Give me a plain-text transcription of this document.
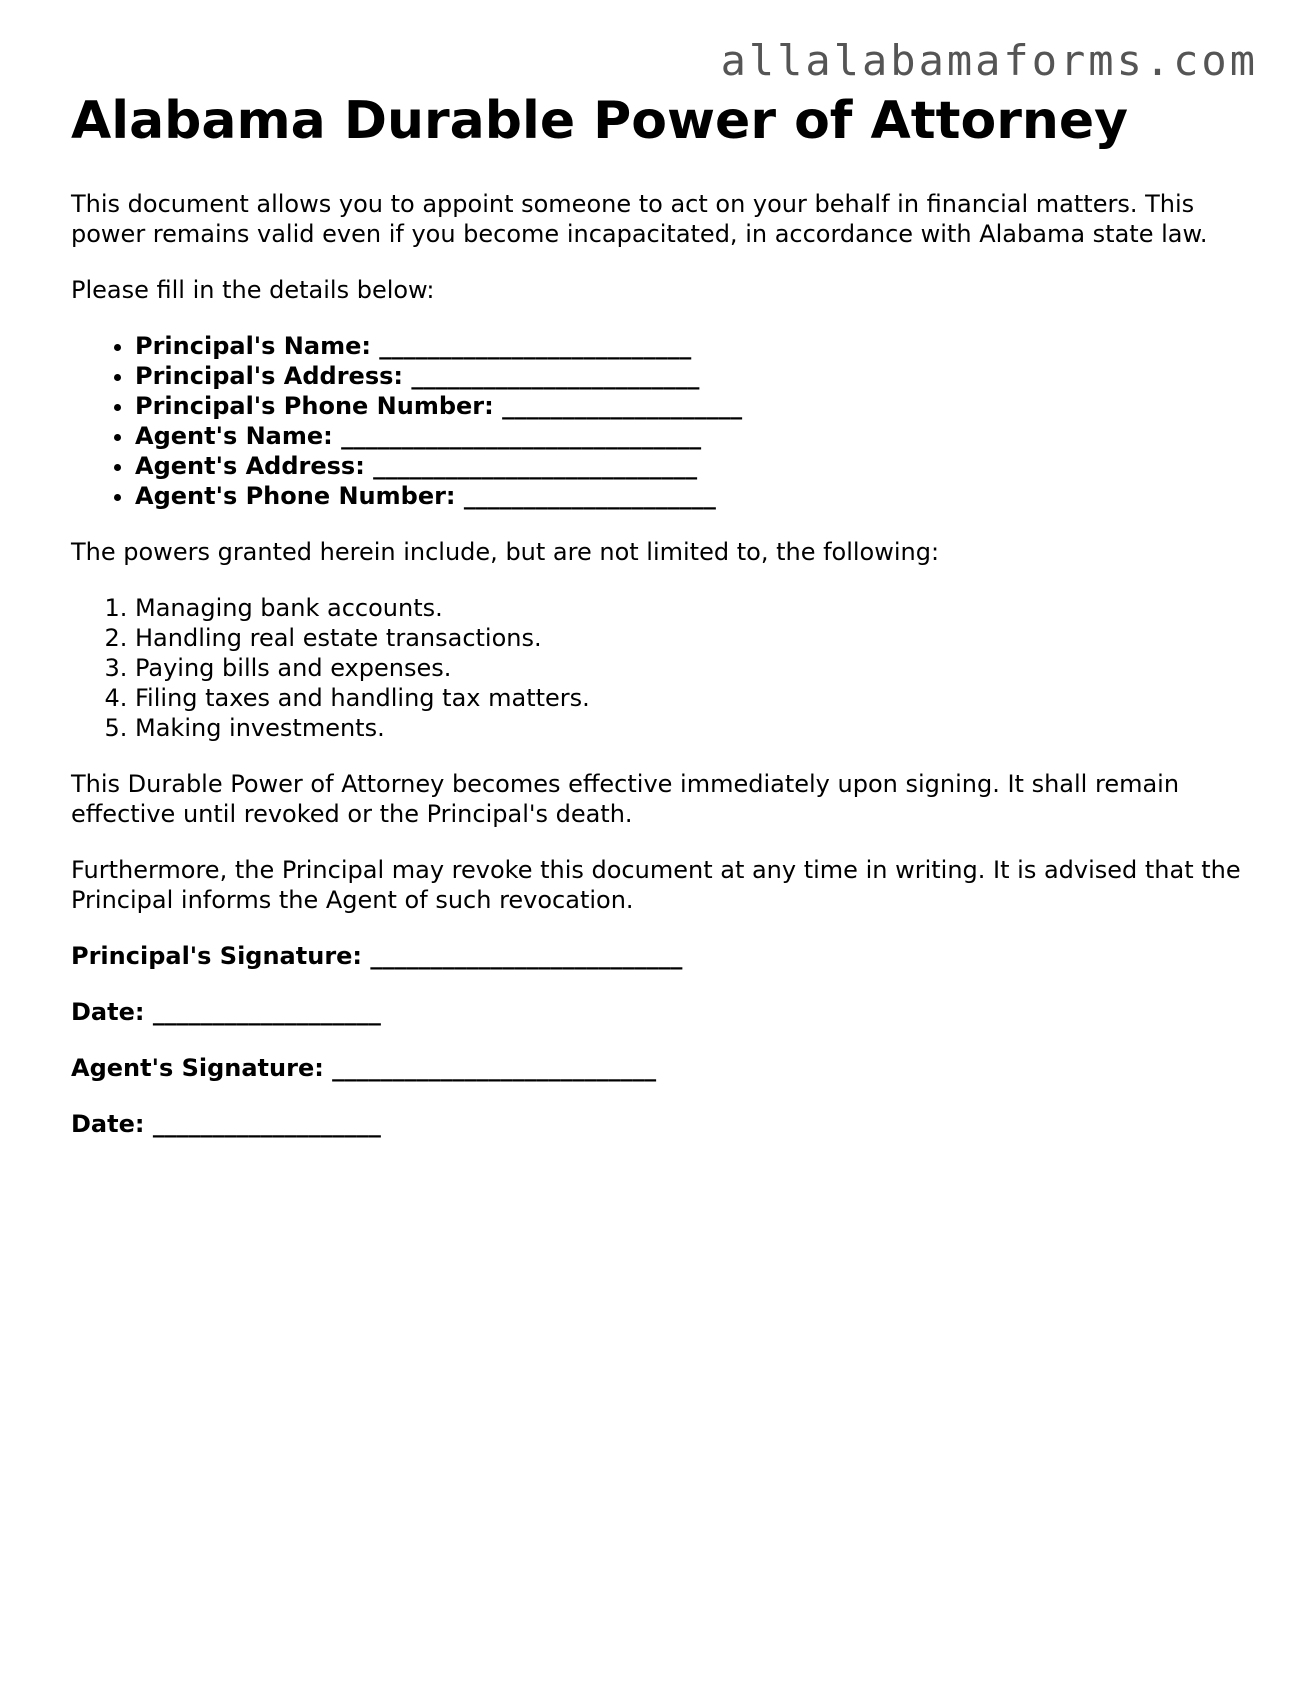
allalabamaforms.com
Alabama Durable Power of Attorney

This document allows you to appoint someone to act on your behalf in financial matters. This power remains valid even if you become incapacitated, in accordance with Alabama state law.

Please fill in the details below:

• Principal's Name: __________________________
• Principal's Address: ________________________
• Principal's Phone Number: ____________________
• Agent's Name: ______________________________
• Agent's Address: ___________________________
• Agent's Phone Number: _____________________

The powers granted herein include, but are not limited to, the following:

1. Managing bank accounts.
2. Handling real estate transactions.
3. Paying bills and expenses.
4. Filing taxes and handling tax matters.
5. Making investments.

This Durable Power of Attorney becomes effective immediately upon signing. It shall remain effective until revoked or the Principal's death.

Furthermore, the Principal may revoke this document at any time in writing. It is advised that the Principal informs the Agent of such revocation.

Principal's Signature: __________________________

Date: ___________________

Agent's Signature: ___________________________

Date: ___________________
